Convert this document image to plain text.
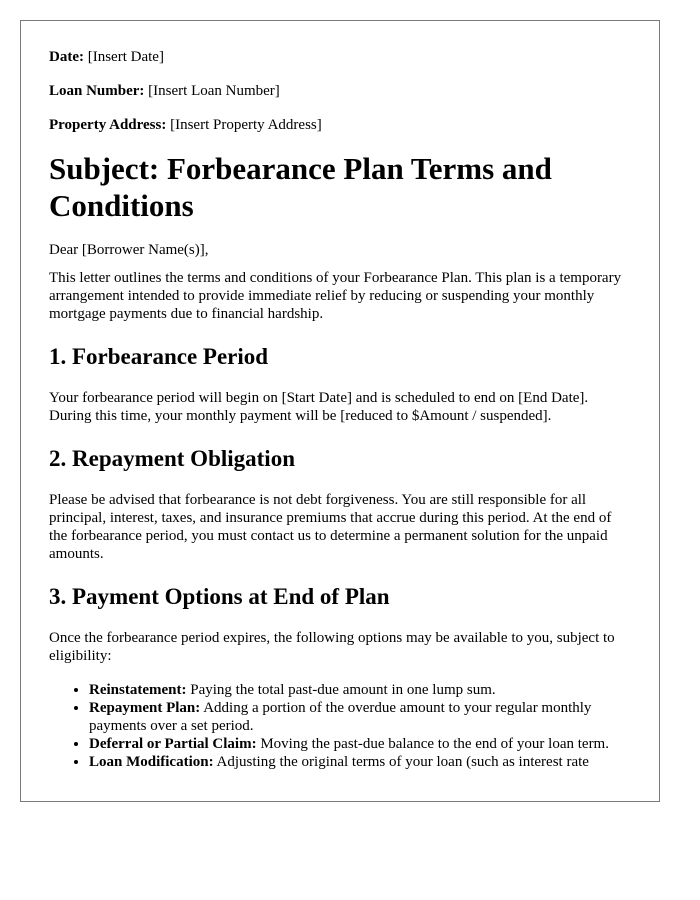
Date: [Insert Date]
Loan Number: [Insert Loan Number]
Property Address: [Insert Property Address]
Subject: Forbearance Plan Terms and Conditions

Dear [Borrower Name(s)],

This letter outlines the terms and conditions of your Forbearance Plan. This plan is a temporary arrangement intended to provide immediate relief by reducing or suspending your monthly mortgage payments due to financial hardship.

1. Forbearance Period

Your forbearance period will begin on [Start Date] and is scheduled to end on [End Date]. During this time, your monthly payment will be [reduced to $Amount / suspended].

2. Repayment Obligation

Please be advised that forbearance is not debt forgiveness. You are still responsible for all principal, interest, taxes, and insurance premiums that accrue during this period. At the end of the forbearance period, you must contact us to determine a permanent solution for the unpaid amounts.

3. Payment Options at End of Plan

Once the forbearance period expires, the following options may be available to you, subject to eligibility:

• Reinstatement: Paying the total past-due amount in one lump sum.
• Repayment Plan: Adding a portion of the overdue amount to your regular monthly payments over a set period.
• Deferral or Partial Claim: Moving the past-due balance to the end of your loan term.
• Loan Modification: Adjusting the original terms of your loan (such as interest rate
